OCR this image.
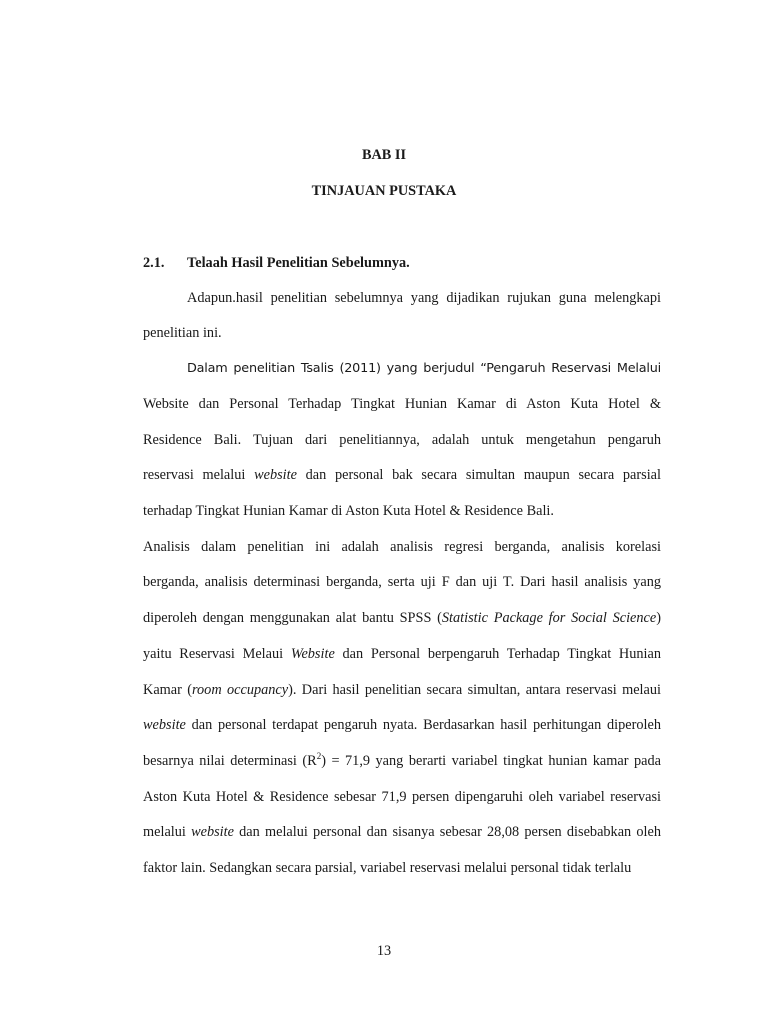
BAB II
TINJAUAN PUSTAKA
2.1. Telaah Hasil Penelitian Sebelumnya.
Adapun.hasil penelitian sebelumnya yang dijadikan rujukan guna melengkapi
penelitian ini.
Dalam penelitian Tsalis (2011) yang berjudul “Pengaruh Reservasi Melalui
Website dan Personal Terhadap Tingkat Hunian Kamar di Aston Kuta Hotel &
Residence Bali. Tujuan dari penelitiannya, adalah untuk mengetahun pengaruh
reservasi melalui website dan personal bak secara simultan maupun secara parsial
terhadap Tingkat Hunian Kamar di Aston Kuta Hotel & Residence Bali.
Analisis dalam penelitian ini adalah analisis regresi berganda, analisis korelasi
berganda, analisis determinasi berganda, serta uji F dan uji T. Dari hasil analisis yang
diperoleh dengan menggunakan alat bantu SPSS (Statistic Package for Social Science)
yaitu Reservasi Melaui Website dan Personal berpengaruh Terhadap Tingkat Hunian
Kamar (room occupancy). Dari hasil penelitian secara simultan, antara reservasi melaui
website dan personal terdapat pengaruh nyata. Berdasarkan hasil perhitungan diperoleh
besarnya nilai determinasi $(R^2) = 71,9$ yang berarti variabel tingkat hunian kamar pada
Aston Kuta Hotel & Residence sebesar 71,9 persen dipengaruhi oleh variabel reservasi
melalui website dan melalui personal dan sisanya sebesar 28,08 persen disebabkan oleh
faktor lain. Sedangkan secara parsial, variabel reservasi melalui personal tidak terlalu
13
